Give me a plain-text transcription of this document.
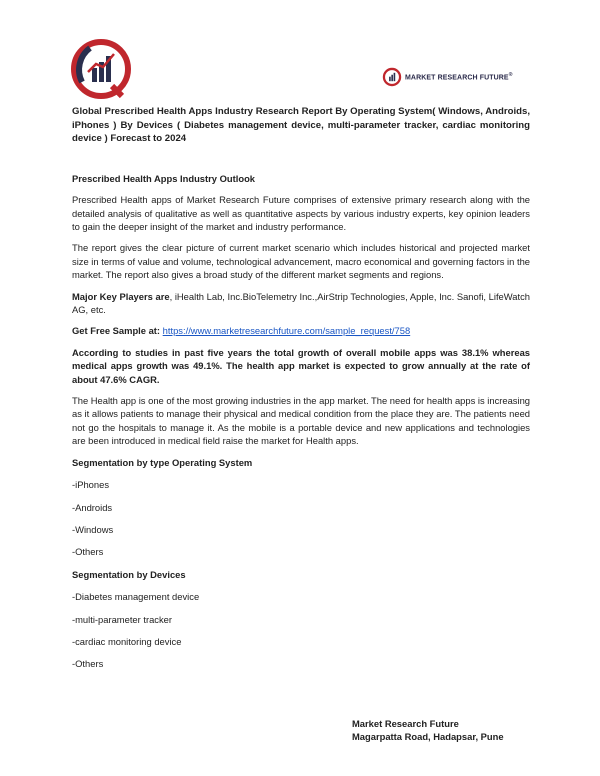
MARKET RESEARCH FUTURE®

Global Prescribed Health Apps Industry Research Report By Operating System( Windows, Androids, iPhones ) By Devices ( Diabetes management device, multi-parameter tracker, cardiac monitoring device ) Forecast to 2024

Prescribed Health Apps Industry Outlook

Prescribed Health apps of Market Research Future comprises of extensive primary research along with the detailed analysis of qualitative as well as quantitative aspects by various industry experts, key opinion leaders to gain the deeper insight of the market and industry performance.

The report gives the clear picture of current market scenario which includes historical and projected market size in terms of value and volume, technological advancement, macro economical and governing factors in the market. The report also gives a broad study of the different market segments and regions.

Major Key Players are, iHealth Lab, Inc.BioTelemetry Inc.,AirStrip Technologies, Apple, Inc. Sanofi, LifeWatch AG, etc.

Get Free Sample at: https://www.marketresearchfuture.com/sample_request/758

According to studies in past five years the total growth of overall mobile apps was 38.1% whereas medical apps growth was 49.1%. The health app market is expected to grow annually at the rate of about 47.6% CAGR.

The Health app is one of the most growing industries in the app market. The need for health apps is increasing as it allows patients to manage their physical and medical condition from the place they are. The patients need not go the hospitals to manage it. As the mobile is a portable device and new applications and technologies are been introduced in medical field raise the market for Health apps.

Segmentation by type Operating System

-iPhones

-Androids

-Windows

-Others

Segmentation by Devices

-Diabetes management device

-multi-parameter tracker

-cardiac monitoring device

-Others

Market Research Future
Magarpatta Road, Hadapsar, Pune
